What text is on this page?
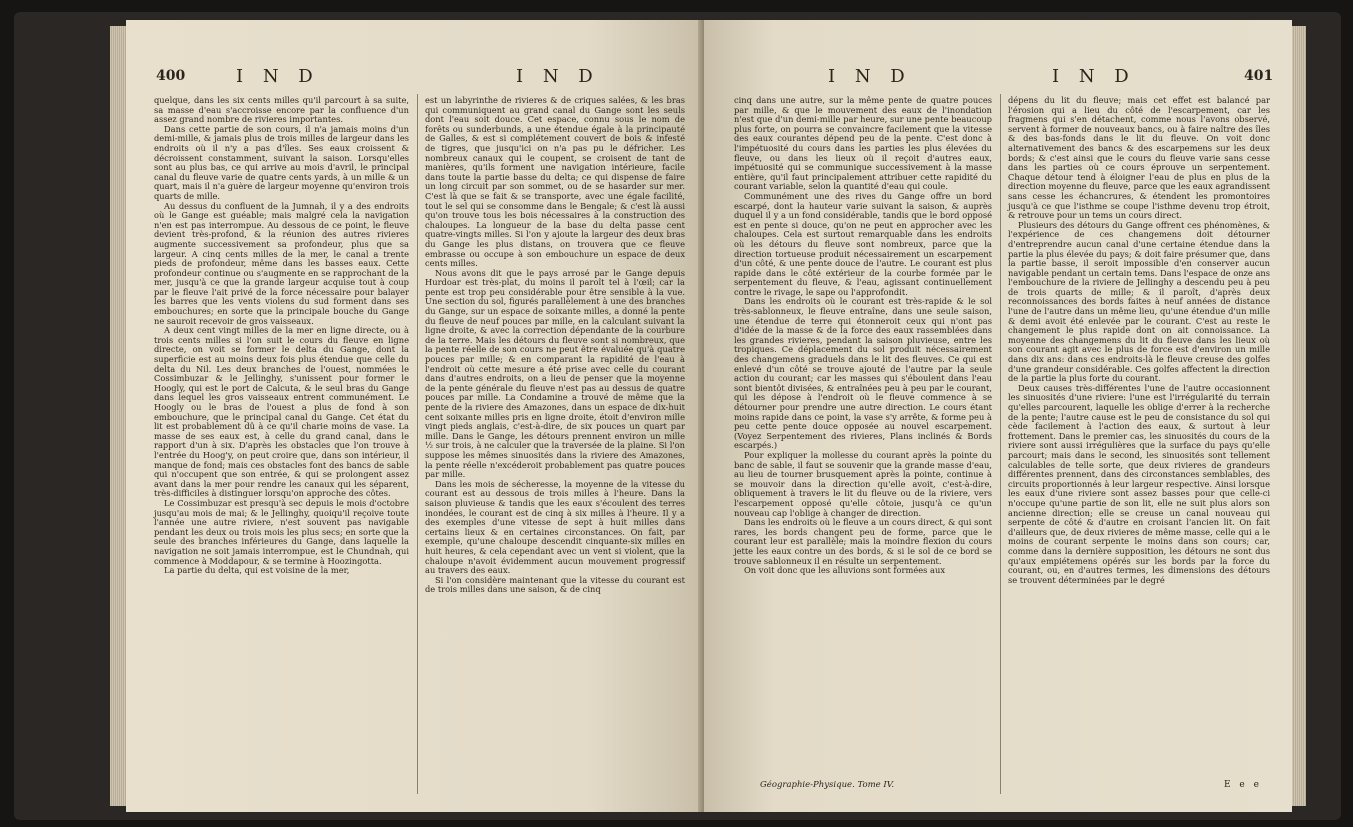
400	I N D	I N D

quelque, dans les six cents milles qu'il parcourt à sa suite, sa masse d'eau s'accroisse encore par la confluence d'un assez grand nombre de rivieres importantes.

Dans cette partie de son cours, il n'a jamais moins d'un demi-mille, & jamais plus de trois milles de largeur dans les endroits où il n'y a pas d'îles. Ses eaux croissent & décroissent constamment, suivant la saison. Lorsqu'elles sont au plus bas, ce qui arrive au mois d'avril, le principal canal du fleuve varie de quatre cents yards, à un mille & un quart, mais il n'a guère de largeur moyenne qu'environ trois quarts de mille.

Au dessus du confluent de la Jumnah, il y a des endroits où le Gange est guéable; mais malgré cela la navigation n'en est pas interrompue. Au dessous de ce point, le fleuve devient très-profond, & la réunion des autres rivieres augmente successivement sa profondeur, plus que sa largeur. A cinq cents milles de la mer, le canal a trente pieds de profondeur, même dans les basses eaux. Cette profondeur continue ou s'augmente en se rapprochant de la mer, jusqu'à ce que la grande largeur acquise tout à coup par le fleuve l'ait privé de la force nécessaire pour balayer les barres que les vents violens du sud forment dans ses embouchures; en sorte que la principale bouche du Gange ne sauroit recevoir de gros vaisseaux.

A deux cent vingt milles de la mer en ligne directe, ou à trois cents milles si l'on suit le cours du fleuve en ligne directe, on voit se former le delta du Gange, dont la superficie est au moins deux fois plus étendue que celle du delta du Nil. Les deux branches de l'ouest, nommées le Cossimbuzar & le Jellinghy, s'unissent pour former le Hoogly, qui est le port de Calcuta, & le seul bras du Gange dans lequel les gros vaisseaux entrent communément. Le Hoogly ou le bras de l'ouest a plus de fond à son embouchure, que le principal canal du Gange. Cet état du lit est probablement dû à ce qu'il charie moins de vase. La masse de ses eaux est, à celle du grand canal, dans le rapport d'un à six. D'après les obstacles que l'on trouve à l'entrée du Hoog'y, on peut croire que, dans son intérieur, il manque de fond; mais ces obstacles font des bancs de sable qui n'occupent que son entrée, & qui se prolongent assez avant dans la mer pour rendre les canaux qui les séparent, très-difficiles à distinguer lorsqu'on approche des côtes.

Le Cossimbuzar est presqu'à sec depuis le mois d'octobre jusqu'au mois de mai; & le Jellinghy, quoiqu'il reçoive toute l'année une autre riviere, n'est souvent pas navigable pendant les deux ou trois mois les plus secs; en sorte que la seule des branches inférieures du Gange, dans laquelle la navigation ne soit jamais interrompue, est le Chundnah, qui commence à Moddapour, & se termine à Hoozingotta.

La partie du delta, qui est voisine de la mer,

est un labyrinthe de rivieres & de criques salées, & les bras qui communiquent au grand canal du Gange sont les seuls dont l'eau soit douce. Cet espace, connu sous le nom de forêts ou sunderbunds, a une étendue égale à la principauté de Galles, & est si complétement couvert de bois & infesté de tigres, que jusqu'ici on n'a pas pu le défricher. Les nombreux canaux qui le coupent, se croisent de tant de manières, qu'ils forment une navigation intérieure, facile dans toute la partie basse du delta; ce qui dispense de faire un long circuit par son sommet, ou de se hasarder sur mer. C'est là que se fait & se transporte, avec une égale facilité, tout le sel qui se consomme dans le Bengale; & c'est là aussi qu'on trouve tous les bois nécessaires à la construction des chaloupes. La longueur de la base du delta passe cent quatre-vingts milles. Si l'on y ajoute la largeur des deux bras du Gange les plus distans, on trouvera que ce fleuve embrasse ou occupe à son embouchure un espace de deux cents milles.

Nous avons dit que le pays arrosé par le Gange depuis Hurdoar est très-plat, du moins il paroît tel à l'œil; car la pente est trop peu considérable pour être sensible à la vue. Une section du sol, figurés parallèlement à une des branches du Gange, sur un espace de soixante milles, a donné la pente du fleuve de neuf pouces par mille, en la calculant suivant la ligne droite, & avec la correction dépendante de la courbure de la terre. Mais les détours du fleuve sont si nombreux, que la pente réelle de son cours ne peut être évaluée qu'à quatre pouces par mille; & en comparant la rapidité de l'eau à l'endroit où cette mesure a été prise avec celle du courant dans d'autres endroits, on a lieu de penser que la moyenne de la pente générale du fleuve n'est pas au dessus de quatre pouces par mille. La Condamine a trouvé de même que la pente de la riviere des Amazones, dans un espace de dix-huit cent soixante milles pris en ligne droite, étoit d'environ mille vingt pieds anglais, c'est-à-dire, de six pouces un quart par mille. Dans le Gange, les détours prennent environ un mille ½ sur trois, à ne calculer que la traversée de la plaine. Si l'on suppose les mêmes sinuosités dans la riviere des Amazones, la pente réelle n'excéderoit probablement pas quatre pouces par mille.

Dans les mois de sécheresse, la moyenne de la vitesse du courant est au dessous de trois milles à l'heure. Dans la saison pluvieuse & tandis que les eaux s'écoulent des terres inondées, le courant est de cinq à six milles à l'heure. Il y a des exemples d'une vitesse de sept à huit milles dans certains lieux & en certaines circonstances. On fait, par exemple, qu'une chaloupe descendit cinquante-six milles en huit heures, & cela cependant avec un vent si violent, que la chaloupe n'avoit évidemment aucun mouvement progressif au travers des eaux.

Si l'on considère maintenant que la vitesse du courant est de trois milles dans une saison, & de cinq

I N D	I N D	401

cinq dans une autre, sur la même pente de quatre pouces par mille, & que le mouvement des eaux de l'inondation n'est que d'un demi-mille par heure, sur une pente beaucoup plus forte, on pourra se convaincre facilement que la vitesse des eaux courantes dépend peu de la pente. C'est donc à l'impétuosité du cours dans les parties les plus élevées du fleuve, ou dans les lieux où il reçoit d'autres eaux, impétuosité qui se communique successivement à la masse entière, qu'il faut principalement attribuer cette rapidité du courant variable, selon la quantité d'eau qui coule.

Communément une des rives du Gange offre un bord escarpé, dont la hauteur varie suivant la saison, & auprès duquel il y a un fond considérable, tandis que le bord opposé est en pente si douce, qu'on ne peut en approcher avec les chaloupes. Cela est surtout remarquable dans les endroits où les détours du fleuve sont nombreux, parce que la direction tortueuse produit nécessairement un escarpement d'un côté, & une pente douce de l'autre. Le courant est plus rapide dans le côté extérieur de la courbe formée par le serpentement du fleuve, & l'eau, agissant continuellement contre le rivage, le sape ou l'approfondit.

Dans les endroits où le courant est très-rapide & le sol très-sablonneux, le fleuve entraîne, dans une seule saison, une étendue de terre qui étonneroit ceux qui n'ont pas d'idée de la masse & de la force des eaux rassemblées dans les grandes rivieres, pendant la saison pluvieuse, entre les tropiques. Ce déplacement du sol produit nécessairement des changemens graduels dans le lit des fleuves. Ce qui est enlevé d'un côté se trouve ajouté de l'autre par la seule action du courant; car les masses qui s'éboulent dans l'eau sont bientôt divisées, & entraînées peu à peu par le courant, qui les dépose à l'endroit où le fleuve commence à se détourner pour prendre une autre direction. Le cours étant moins rapide dans ce point, la vase s'y arrête, & forme peu à peu cette pente douce opposée au nouvel escarpement. (Voyez Serpentement des rivieres, Plans inclinés & Bords escarpés.)

Pour expliquer la mollesse du courant après la pointe du banc de sable, il faut se souvenir que la grande masse d'eau, au lieu de tourner brusquement après la pointe, continue à se mouvoir dans la direction qu'elle avoit, c'est-à-dire, obliquement à travers le lit du fleuve ou de la riviere, vers l'escarpement opposé qu'elle côtoie, jusqu'à ce qu'un nouveau cap l'oblige à changer de direction.

Dans les endroits où le fleuve a un cours direct, & qui sont rares, les bords changent peu de forme, parce que le courant leur est parallèle; mais la moindre flexion du cours jette les eaux contre un des bords, & si le sol de ce bord se trouve sablonneux il en résulte un serpentement.

On voit donc que les alluvions sont formées aux

dépens du lit du fleuve; mais cet effet est balancé par l'érosion qui a lieu du côté de l'escarpement, car les fragmens qui s'en détachent, comme nous l'avons observé, servent à former de nouveaux bancs, ou à faire naître des îles & des bas-fonds dans le lit du fleuve. On voit donc alternativement des bancs & des escarpemens sur les deux bords; & c'est ainsi que le cours du fleuve varie sans cesse dans les parties où ce cours éprouve un serpentement. Chaque détour tend à éloigner l'eau de plus en plus de la direction moyenne du fleuve, parce que les eaux agrandissent sans cesse les échancrures, & étendent les promontoires jusqu'à ce que l'isthme se coupe l'isthme devenu trop étroit, & retrouve pour un tems un cours direct.

Plusieurs des détours du Gange offrent ces phénomènes, & l'expérience de ces changemens doit détourner d'entreprendre aucun canal d'une certaine étendue dans la partie la plus élevée du pays; & doit faire présumer que, dans la partie basse, il seroit impossible d'en conserver aucun navigable pendant un certain tems. Dans l'espace de onze ans l'embouchure de la riviere de Jellinghy a descendu peu à peu de trois quarts de mille; & il paroît, d'après deux reconnoissances des bords faites à neuf années de distance l'une de l'autre dans un même lieu, qu'une étendue d'un mille & demi avoit été enlevée par le courant. C'est au reste le changement le plus rapide dont on ait connoissance. La moyenne des changemens du lit du fleuve dans les lieux où son courant agit avec le plus de force est d'environ un mille dans dix ans: dans ces endroits-là le fleuve creuse des golfes d'une grandeur considérable. Ces golfes affectent la direction de la partie la plus forte du courant.

Deux causes très-différentes l'une de l'autre occasionnent les sinuosités d'une riviere: l'une est l'irrégularité du terrain qu'elles parcourent, laquelle les oblige d'errer à la recherche de la pente; l'autre cause est le peu de consistance du sol qui cède facilement à l'action des eaux, & surtout à leur frottement. Dans le premier cas, les sinuosités du cours de la riviere sont aussi irrégulières que la surface du pays qu'elle parcourt; mais dans le second, les sinuosités sont tellement calculables de telle sorte, que deux rivieres de grandeurs différentes prennent, dans des circonstances semblables, des circuits proportionnés à leur largeur respective. Ainsi lorsque les eaux d'une riviere sont assez basses pour que celle-ci n'occupe qu'une partie de son lit, elle ne suit plus alors son ancienne direction; elle se creuse un canal nouveau qui serpente de côté & d'autre en croisant l'ancien lit. On fait d'ailleurs que, de deux rivieres de même masse, celle qui a le moins de courant serpente le moins dans son cours; car, comme dans la dernière supposition, les détours ne sont dus qu'aux empiétemens opérés sur les bords par la force du courant, ou, en d'autres termes, les dimensions des détours se trouvent déterminées par le degré

Géographie-Physique. Tome IV.	E e e
